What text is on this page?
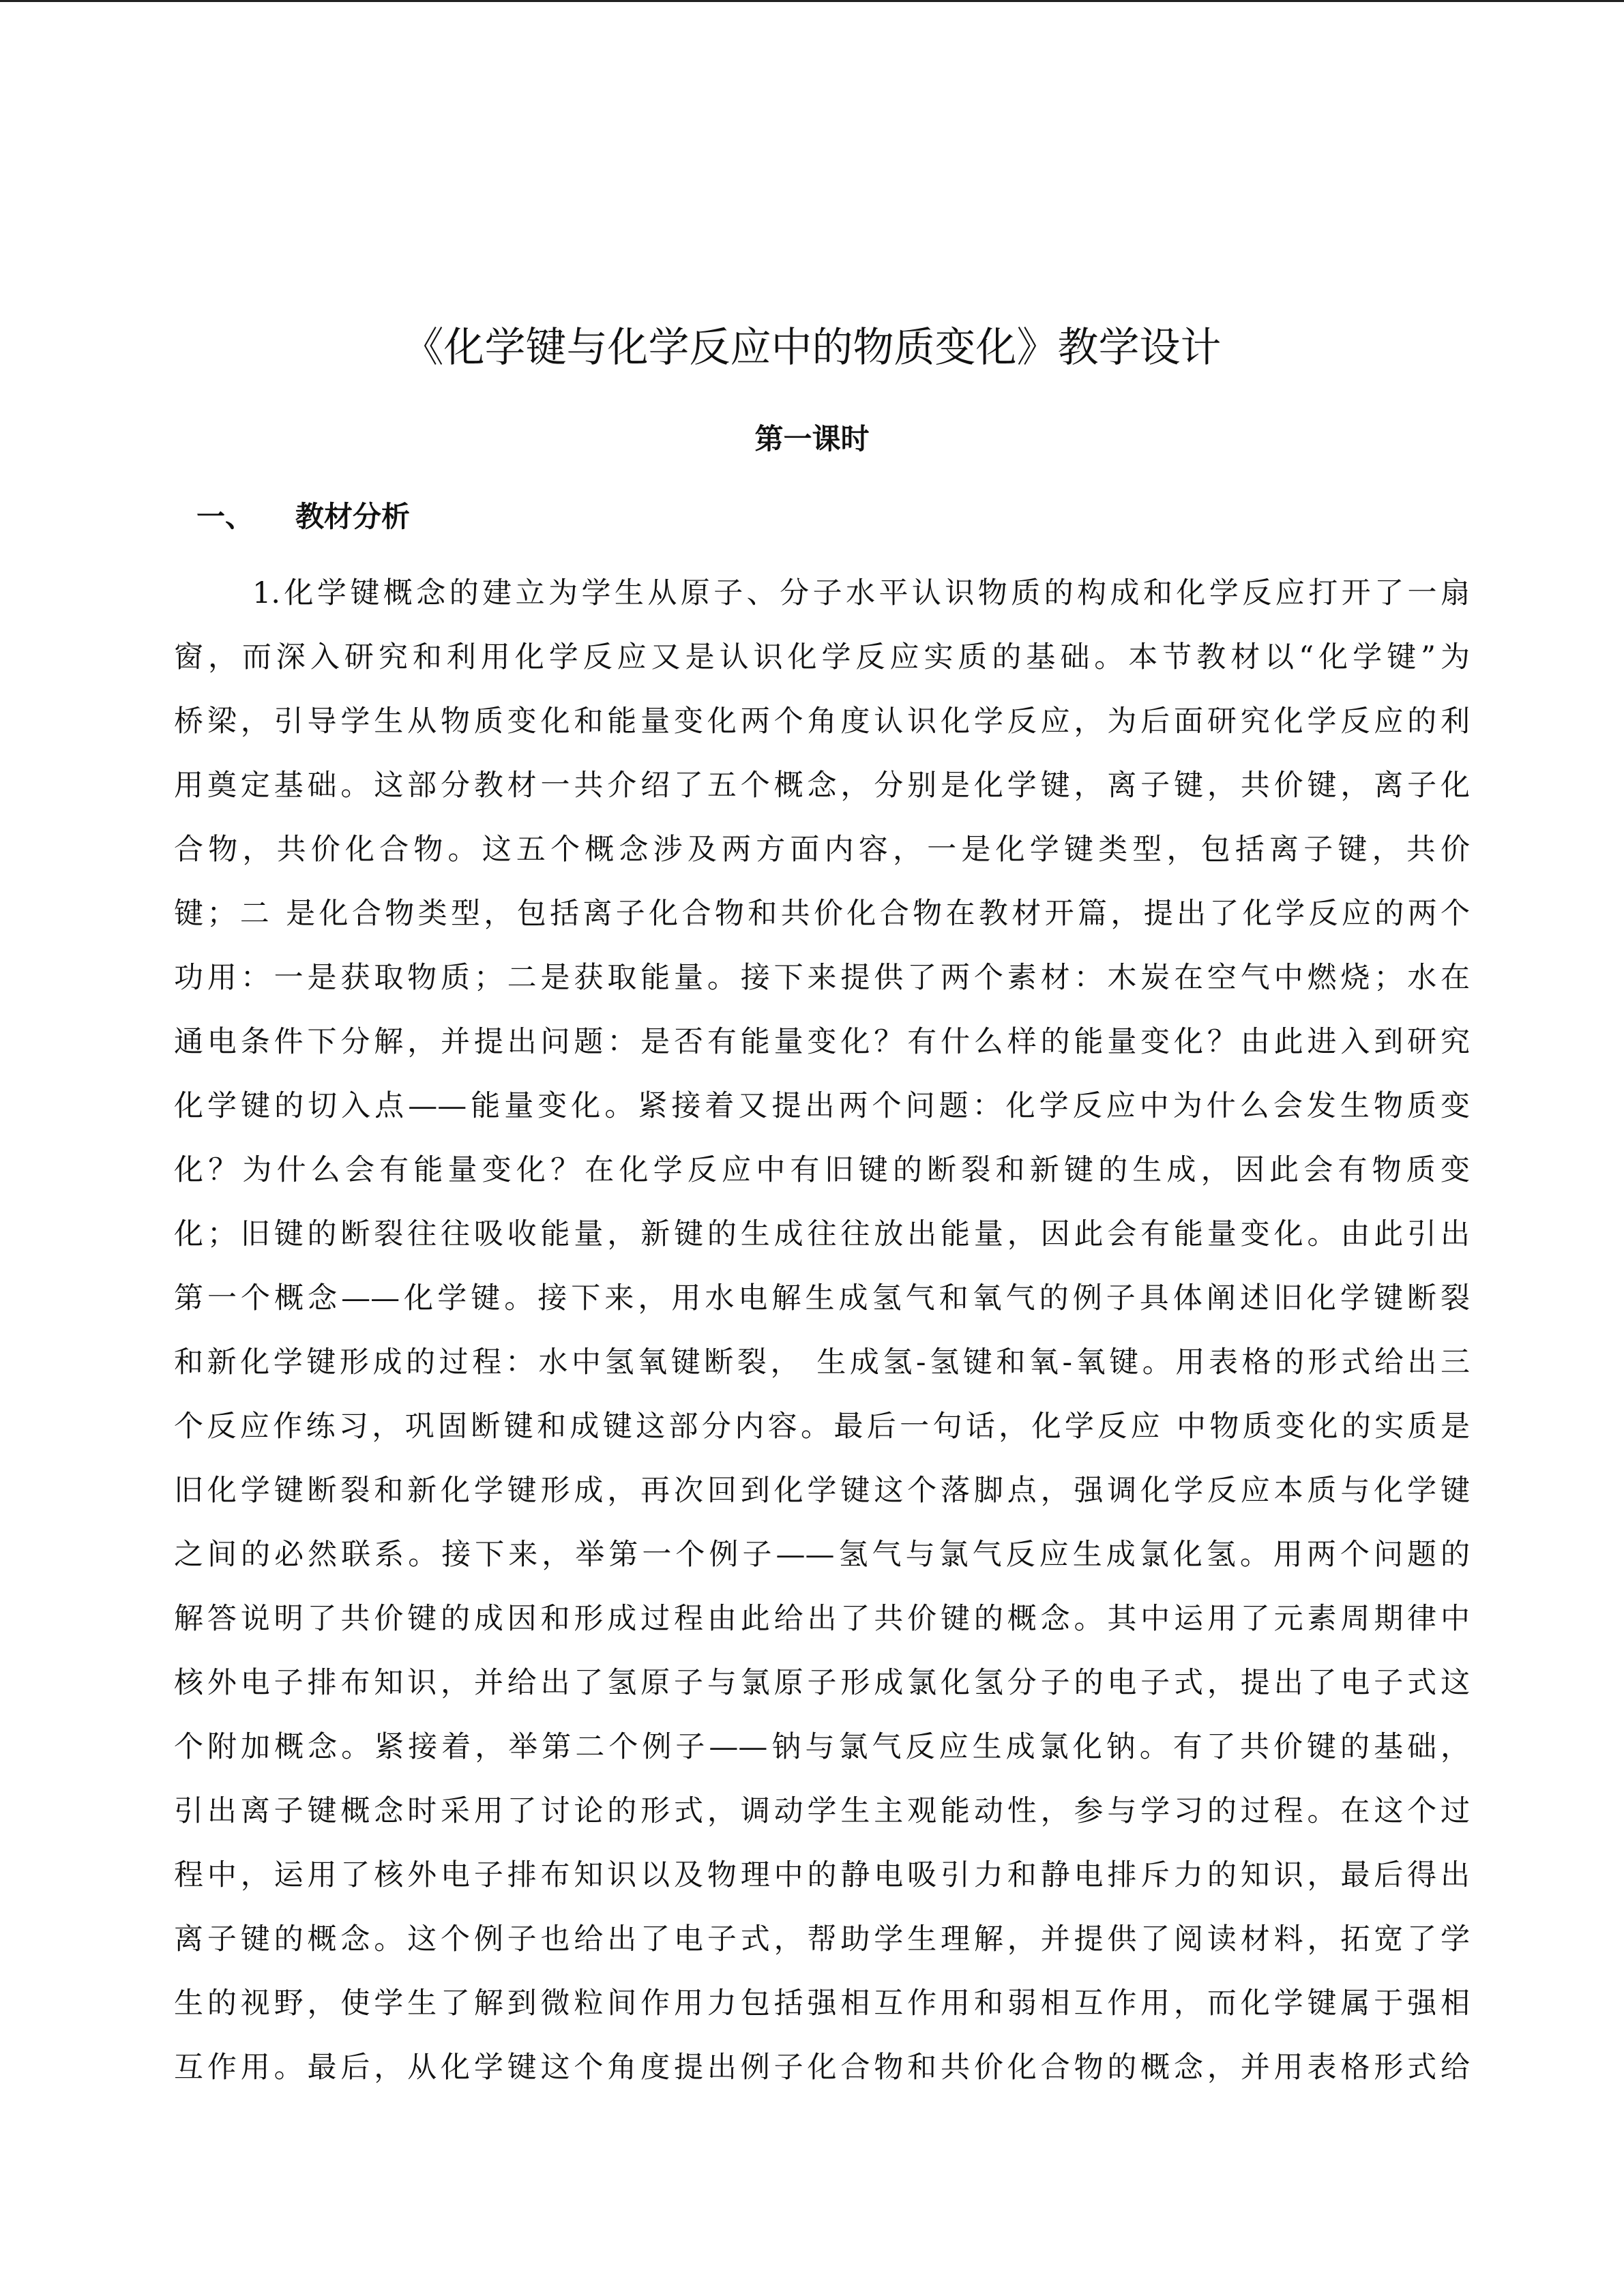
《化学键与化学反应中的物质变化》教学设计
第一课时
一、 教材分析
1.化学键概念的建立为学生从原子、分子水平认识物质的构成和化学反应打开了一扇
窗，而深入研究和利用化学反应又是认识化学反应实质的基础。本节教材以“化学键”为
桥梁，引导学生从物质变化和能量变化两个角度认识化学反应，为后面研究化学反应的利
用奠定基础。这部分教材一共介绍了五个概念，分别是化学键，离子键，共价键，离子化
合物，共价化合物。这五个概念涉及两方面内容，一是化学键类型，包括离子键，共价
键；二 是化合物类型，包括离子化合物和共价化合物在教材开篇，提出了化学反应的两个
功用：一是获取物质；二是获取能量。接下来提供了两个素材：木炭在空气中燃烧；水在
通电条件下分解，并提出问题：是否有能量变化？有什么样的能量变化？由此进入到研究
化学键的切入点——能量变化。紧接着又提出两个问题：化学反应中为什么会发生物质变
化？为什么会有能量变化？在化学反应中有旧键的断裂和新键的生成，因此会有物质变
化；旧键的断裂往往吸收能量，新键的生成往往放出能量，因此会有能量变化。由此引出
第一个概念——化学键。接下来，用水电解生成氢气和氧气的例子具体阐述旧化学键断裂
和新化学键形成的过程：水中氢氧键断裂， 生成氢-氢键和氧-氧键。用表格的形式给出三
个反应作练习，巩固断键和成键这部分内容。最后一句话，化学反应 中物质变化的实质是
旧化学键断裂和新化学键形成，再次回到化学键这个落脚点，强调化学反应本质与化学键
之间的必然联系。接下来，举第一个例子——氢气与氯气反应生成氯化氢。用两个问题的
解答说明了共价键的成因和形成过程由此给出了共价键的概念。其中运用了元素周期律中
核外电子排布知识，并给出了氢原子与氯原子形成氯化氢分子的电子式，提出了电子式这
个附加概念。紧接着，举第二个例子——钠与氯气反应生成氯化钠。有了共价键的基础，
引出离子键概念时采用了讨论的形式，调动学生主观能动性，参与学习的过程。在这个过
程中，运用了核外电子排布知识以及物理中的静电吸引力和静电排斥力的知识，最后得出
离子键的概念。这个例子也给出了电子式，帮助学生理解，并提供了阅读材料，拓宽了学
生的视野，使学生了解到微粒间作用力包括强相互作用和弱相互作用，而化学键属于强相
互作用。最后，从化学键这个角度提出例子化合物和共价化合物的概念，并用表格形式给
